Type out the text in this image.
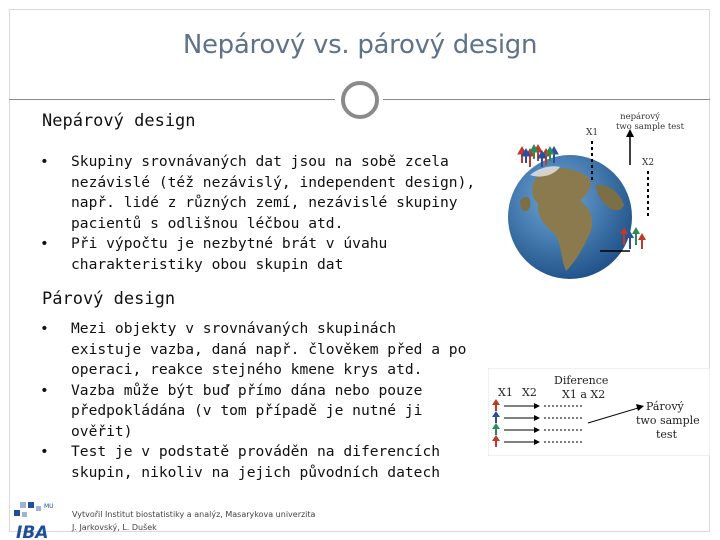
Nepárový vs. párový design
Nepárový design
• Skupiny srovnávaných dat jsou na sobě zcela nezávislé (též nezávislý, independent design), např. lidé z různých zemí, nezávislé skupiny pacientů s odlišnou léčbou atd.
• Při výpočtu je nezbytné brát v úvahu charakteristiky obou skupin dat
Párový design
• Mezi objekty v srovnávaných skupinách existuje vazba, daná např. člověkem před a po operaci, reakce stejného kmene krys atd.
• Vazba může být buď přímo dána nebo pouze předpokládána (v tom případě je nutné ji ověřit)
• Test je v podstatě prováděn na diferencích skupin, nikoliv na jejich původních datech
X1
X2
nepárový
two sample test
X1 X2
Diference
X1 a X2
Párový
two sample
test
MU
IBA
Vytvořil Institut biostatistiky a analýz, Masarykova univerzita
J. Jarkovský, L. Dušek
